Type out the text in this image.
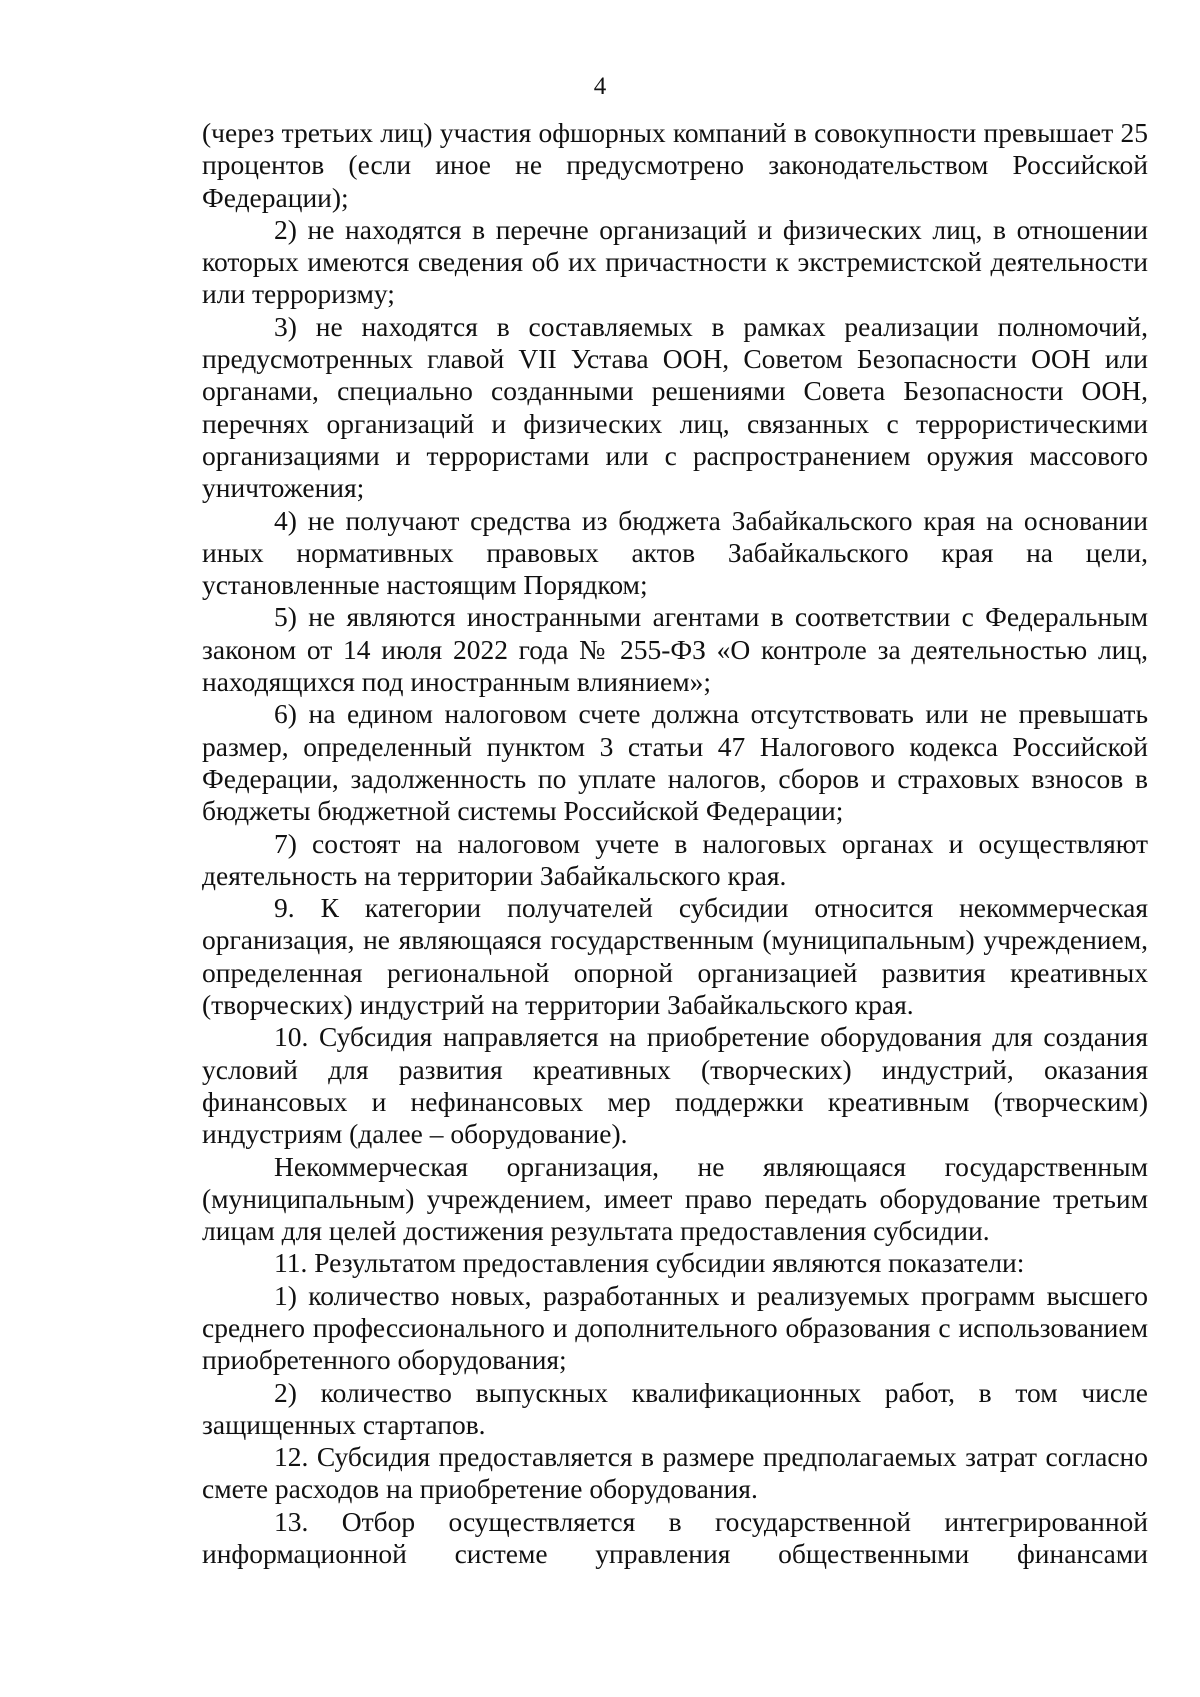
4

(через третьих лиц) участия офшорных компаний в совокупности превышает 25 процентов (если иное не предусмотрено законодательством Российской Федерации);

2) не находятся в перечне организаций и физических лиц, в отношении которых имеются сведения об их причастности к экстремистской деятельности или терроризму;

3) не находятся в составляемых в рамках реализации полномочий, предусмотренных главой VII Устава ООН, Советом Безопасности ООН или органами, специально созданными решениями Совета Безопасности ООН, перечнях организаций и физических лиц, связанных с террористическими организациями и террористами или с распространением оружия массового уничтожения;

4) не получают средства из бюджета Забайкальского края на основании иных нормативных правовых актов Забайкальского края на цели, установленные настоящим Порядком;

5) не являются иностранными агентами в соответствии с Федеральным законом от 14 июля 2022 года № 255-ФЗ «О контроле за деятельностью лиц, находящихся под иностранным влиянием»;

6) на едином налоговом счете должна отсутствовать или не превышать размер, определенный пунктом 3 статьи 47 Налогового кодекса Российской Федерации, задолженность по уплате налогов, сборов и страховых взносов в бюджеты бюджетной системы Российской Федерации;

7) состоят на налоговом учете в налоговых органах и осуществляют деятельность на территории Забайкальского края.

9. К категории получателей субсидии относится некоммерческая организация, не являющаяся государственным (муниципальным) учреждением, определенная региональной опорной организацией развития креативных (творческих) индустрий на территории Забайкальского края.

10. Субсидия направляется на приобретение оборудования для создания условий для развития креативных (творческих) индустрий, оказания финансовых и нефинансовых мер поддержки креативным (творческим) индустриям (далее – оборудование).

Некоммерческая организация, не являющаяся государственным (муниципальным) учреждением, имеет право передать оборудование третьим лицам для целей достижения результата предоставления субсидии.

11. Результатом предоставления субсидии являются показатели:

1) количество новых, разработанных и реализуемых программ высшего среднего профессионального и дополнительного образования с использованием приобретенного оборудования;

2) количество выпускных квалификационных работ, в том числе защищенных стартапов.

12. Субсидия предоставляется в размере предполагаемых затрат согласно смете расходов на приобретение оборудования.

13. Отбор осуществляется в государственной интегрированной информационной системе управления общественными финансами
